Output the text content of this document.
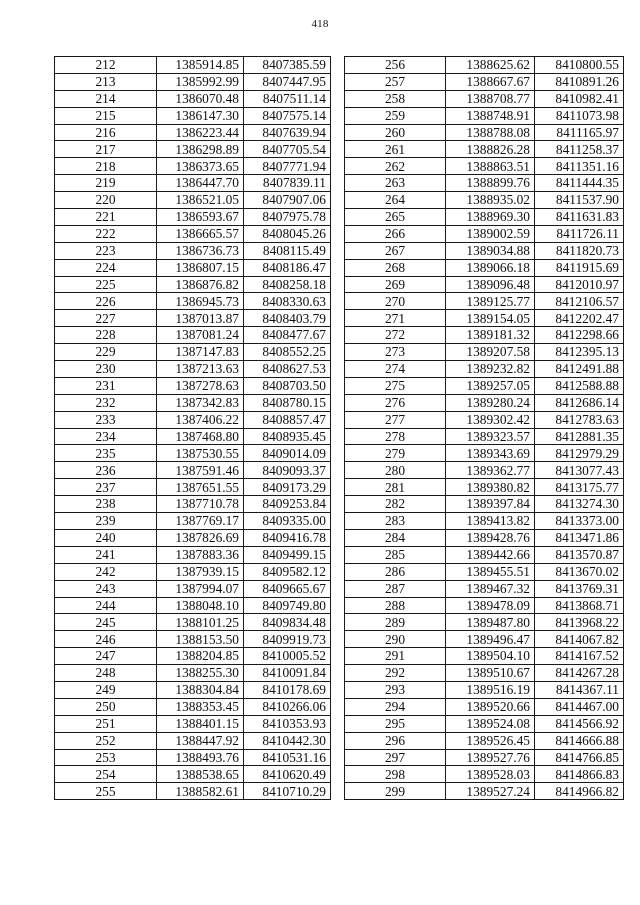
418
212	1385914.85	8407385.59
213	1385992.99	8407447.95
214	1386070.48	8407511.14
215	1386147.30	8407575.14
216	1386223.44	8407639.94
217	1386298.89	8407705.54
218	1386373.65	8407771.94
219	1386447.70	8407839.11
220	1386521.05	8407907.06
221	1386593.67	8407975.78
222	1386665.57	8408045.26
223	1386736.73	8408115.49
224	1386807.15	8408186.47
225	1386876.82	8408258.18
226	1386945.73	8408330.63
227	1387013.87	8408403.79
228	1387081.24	8408477.67
229	1387147.83	8408552.25
230	1387213.63	8408627.53
231	1387278.63	8408703.50
232	1387342.83	8408780.15
233	1387406.22	8408857.47
234	1387468.80	8408935.45
235	1387530.55	8409014.09
236	1387591.46	8409093.37
237	1387651.55	8409173.29
238	1387710.78	8409253.84
239	1387769.17	8409335.00
240	1387826.69	8409416.78
241	1387883.36	8409499.15
242	1387939.15	8409582.12
243	1387994.07	8409665.67
244	1388048.10	8409749.80
245	1388101.25	8409834.48
246	1388153.50	8409919.73
247	1388204.85	8410005.52
248	1388255.30	8410091.84
249	1388304.84	8410178.69
250	1388353.45	8410266.06
251	1388401.15	8410353.93
252	1388447.92	8410442.30
253	1388493.76	8410531.16
254	1388538.65	8410620.49
255	1388582.61	8410710.29
256	1388625.62	8410800.55
257	1388667.67	8410891.26
258	1388708.77	8410982.41
259	1388748.91	8411073.98
260	1388788.08	8411165.97
261	1388826.28	8411258.37
262	1388863.51	8411351.16
263	1388899.76	8411444.35
264	1388935.02	8411537.90
265	1388969.30	8411631.83
266	1389002.59	8411726.11
267	1389034.88	8411820.73
268	1389066.18	8411915.69
269	1389096.48	8412010.97
270	1389125.77	8412106.57
271	1389154.05	8412202.47
272	1389181.32	8412298.66
273	1389207.58	8412395.13
274	1389232.82	8412491.88
275	1389257.05	8412588.88
276	1389280.24	8412686.14
277	1389302.42	8412783.63
278	1389323.57	8412881.35
279	1389343.69	8412979.29
280	1389362.77	8413077.43
281	1389380.82	8413175.77
282	1389397.84	8413274.30
283	1389413.82	8413373.00
284	1389428.76	8413471.86
285	1389442.66	8413570.87
286	1389455.51	8413670.02
287	1389467.32	8413769.31
288	1389478.09	8413868.71
289	1389487.80	8413968.22
290	1389496.47	8414067.82
291	1389504.10	8414167.52
292	1389510.67	8414267.28
293	1389516.19	8414367.11
294	1389520.66	8414467.00
295	1389524.08	8414566.92
296	1389526.45	8414666.88
297	1389527.76	8414766.85
298	1389528.03	8414866.83
299	1389527.24	8414966.82
